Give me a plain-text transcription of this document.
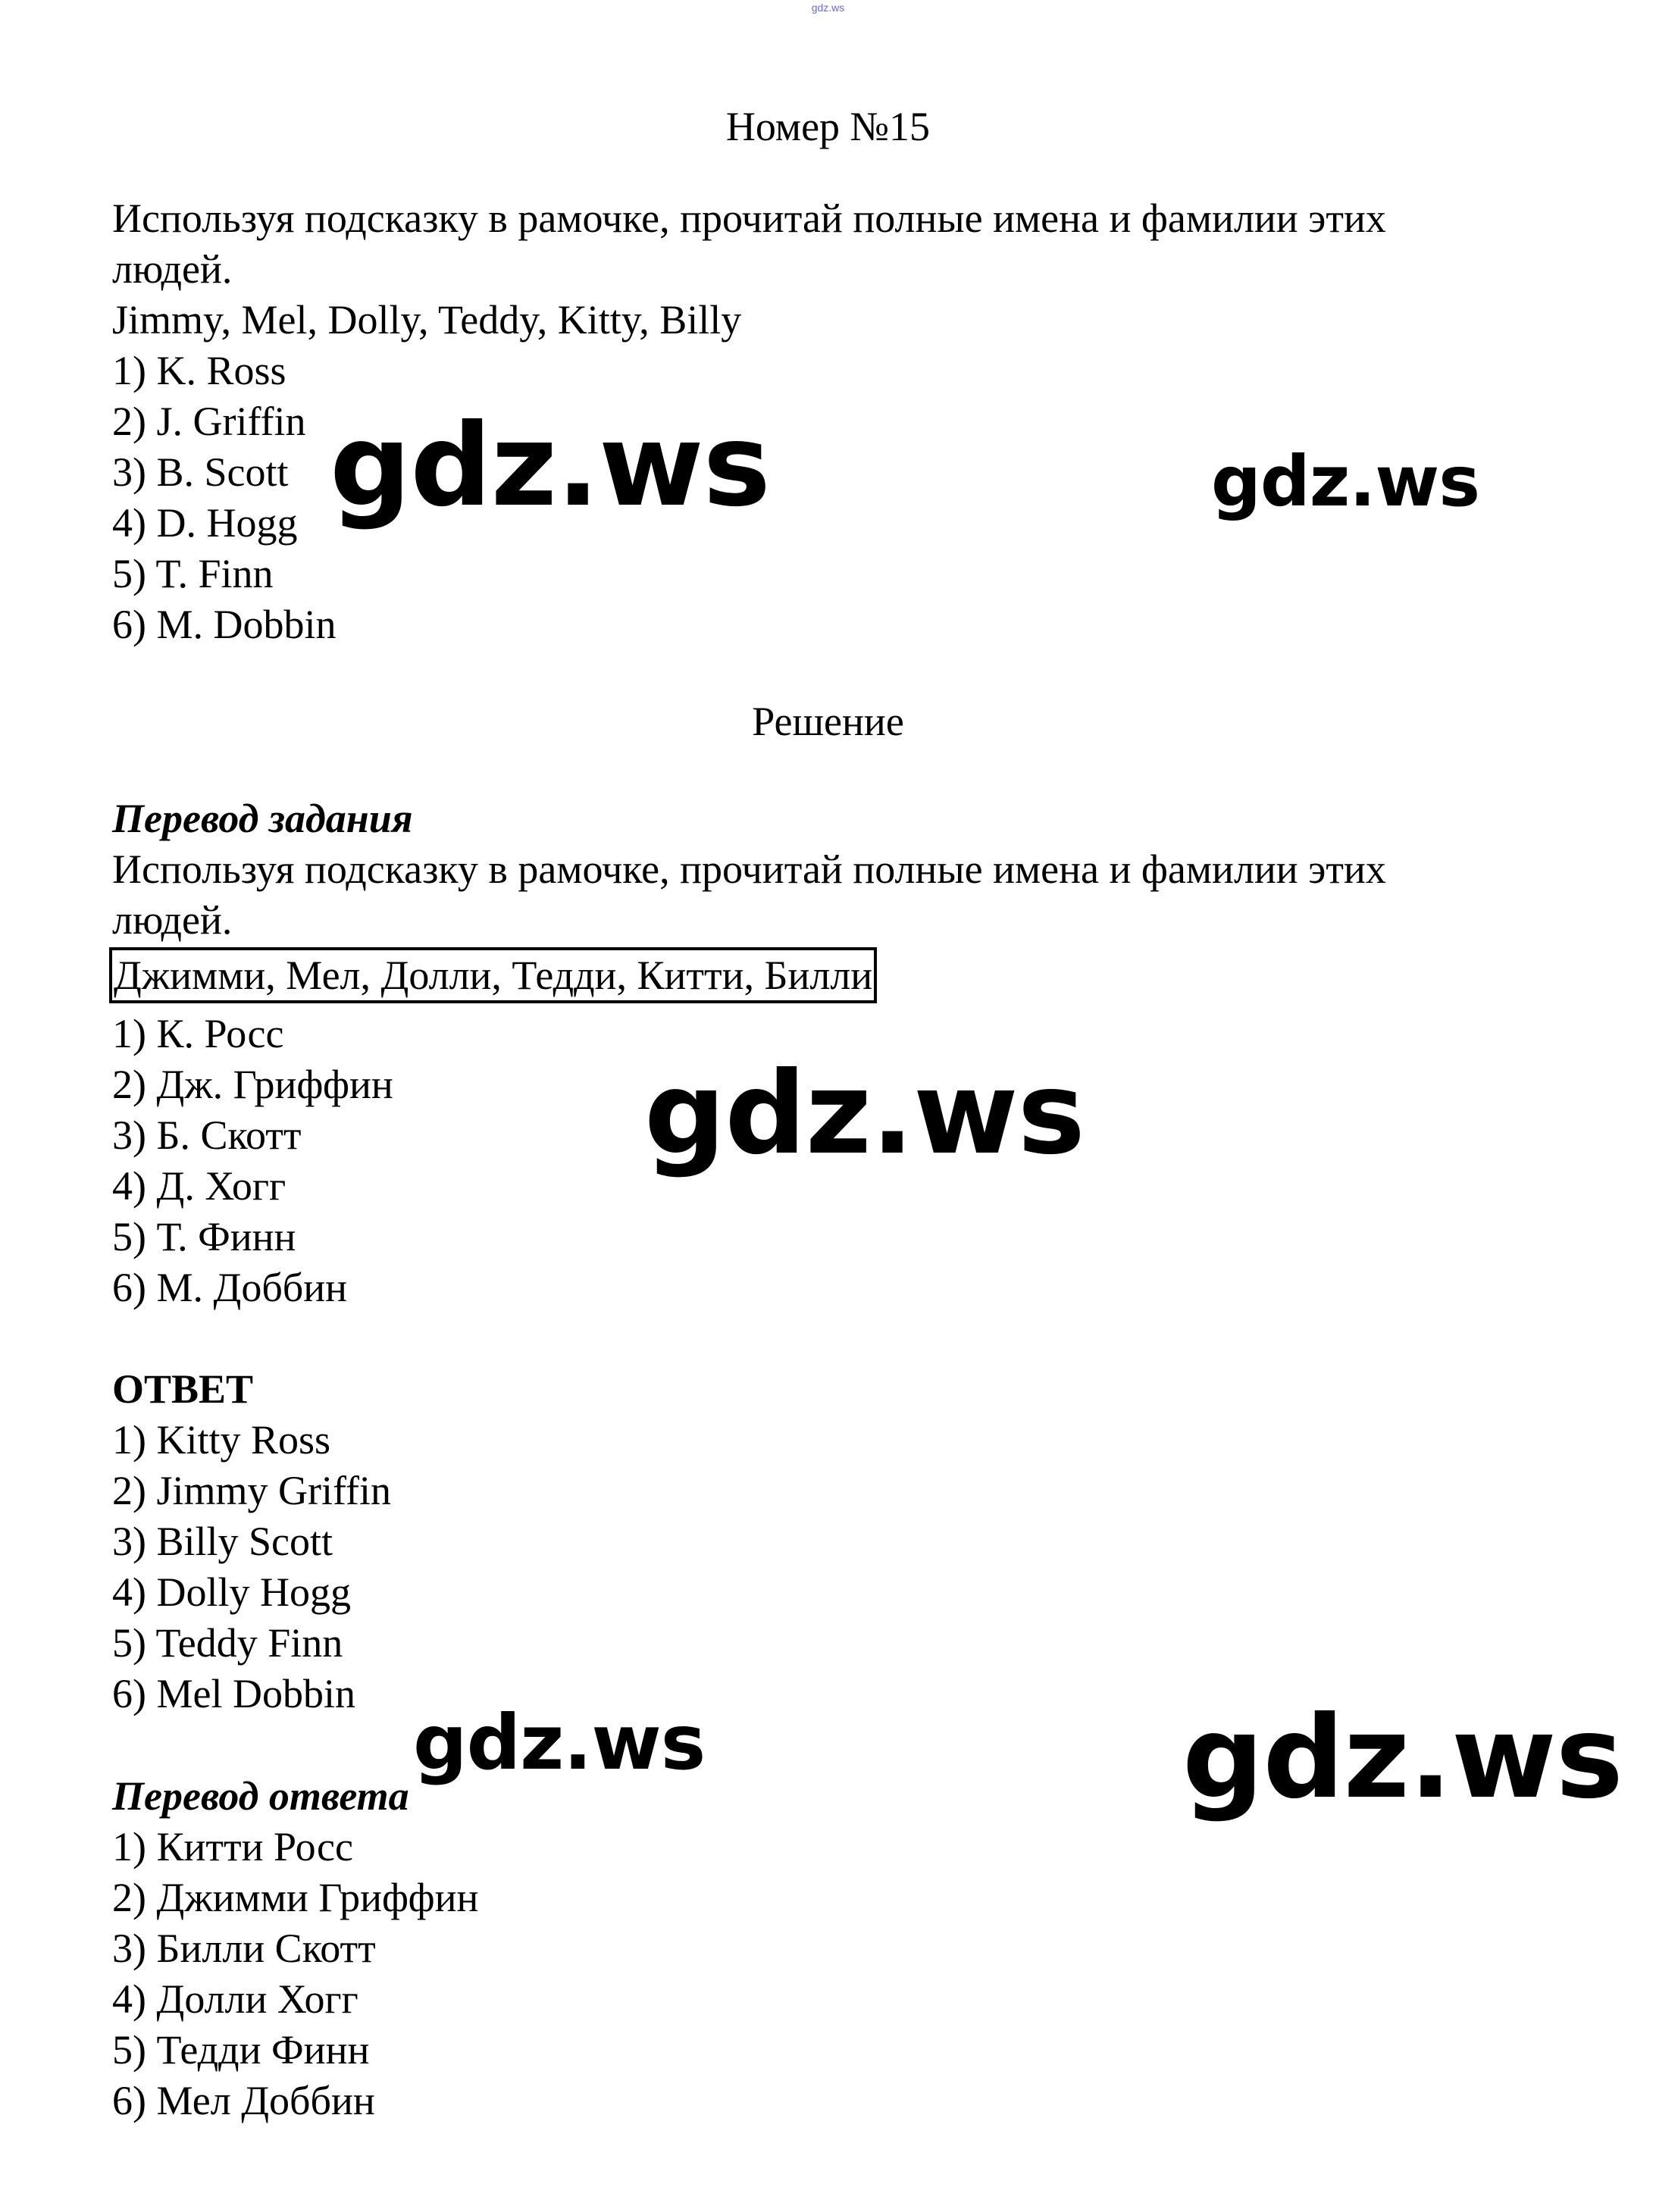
gdz.ws
Номер №15
Используя подсказку в рамочке, прочитай полные имена и фамилии этих
людей.
Jimmy, Mel, Dolly, Teddy, Kitty, Billy
1) K. Ross
2) J. Griffin
3) B. Scott
4) D. Hogg
5) T. Finn
6) M. Dobbin
Решение
Перевод задания
Используя подсказку в рамочке, прочитай полные имена и фамилии этих
людей.
Джимми, Мел, Долли, Тедди, Китти, Билли
1) К. Росс
2) Дж. Гриффин
3) Б. Скотт
4) Д. Хогг
5) Т. Финн
6) М. Доббин
ОТВЕТ
1) Kitty Ross
2) Jimmy Griffin
3) Billy Scott
4) Dolly Hogg
5) Teddy Finn
6) Mel Dobbin
Перевод ответа
1) Китти Росс
2) Джимми Гриффин
3) Билли Скотт
4) Долли Хогг
5) Тедди Финн
6) Мел Доббин
gdz.ws	gdz.ws
gdz.ws
gdz.ws	gdz.ws
